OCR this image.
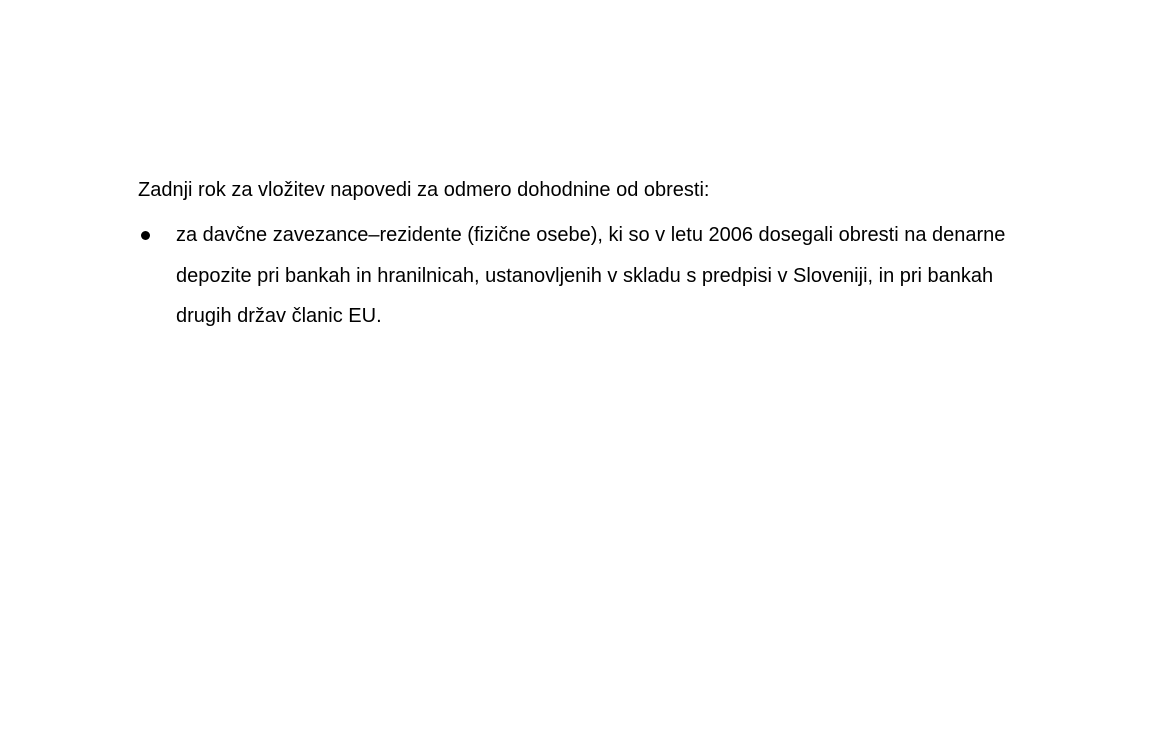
Zadnji rok za vložitev napovedi za odmero dohodnine od obresti:

za davčne zavezance–rezidente (fizične osebe), ki so v letu 2006 dosegali obresti na denarne depozite pri bankah in hranilnicah, ustanovljenih v skladu s predpisi v Sloveniji, in pri bankah drugih držav članic EU.
